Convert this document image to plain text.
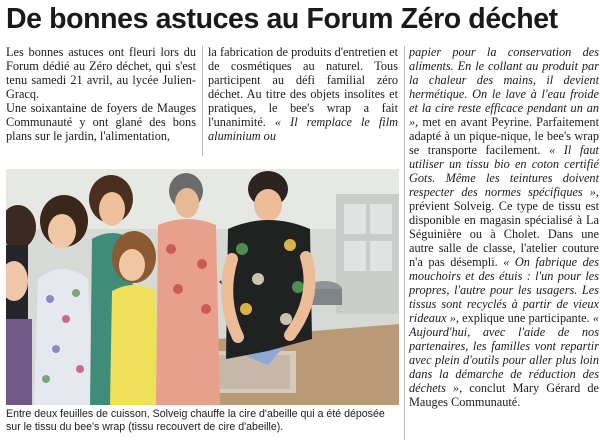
De bonnes astuces au Forum Zéro déchet

Les bonnes astuces ont fleuri lors du Forum dédié au Zéro déchet, qui s'est tenu samedi 21 avril, au lycée Julien-Gracq.

Une soixantaine de foyers de Mauges Communauté y ont glané des bons plans sur le jardin, l'alimentation,

la fabrication de produits d'entretien et de cosmétiques au naturel. Tous participent au défi familial zéro déchet. Au titre des objets insolites et pratiques, le bee's wrap a fait l'unanimité. « Il remplace le film aluminium ou

papier pour la conservation des aliments. En le collant au produit par la chaleur des mains, il devient hermétique. On le lave à l'eau froide et la cire reste efficace pendant un an », met en avant Peyrine. Parfaitement adapté à un pique-nique, le bee's wrap se transporte facilement. « Il faut utiliser un tissu bio en coton certifié Gots. Même les teintures doivent respecter des normes spécifiques », prévient Solveig. Ce type de tissu est disponible en magasin spécialisé à La Séguinière ou à Cholet. Dans une autre salle de classe, l'atelier couture n'a pas désempli. « On fabrique des mouchoirs et des étuis : l'un pour les propres, l'autre pour les usagers. Les tissus sont recyclés à partir de vieux rideaux », explique une participante. « Aujourd'hui, avec l'aide de nos partenaires, les familles vont repartir avec plein d'outils pour aller plus loin dans la démarche de réduction des déchets », conclut Mary Gérard de Mauges Communauté.

Entre deux feuilles de cuisson, Solveig chauffe la cire d'abeille qui a été déposée sur le tissu du bee's wrap (tissu recouvert de cire d'abeille).
